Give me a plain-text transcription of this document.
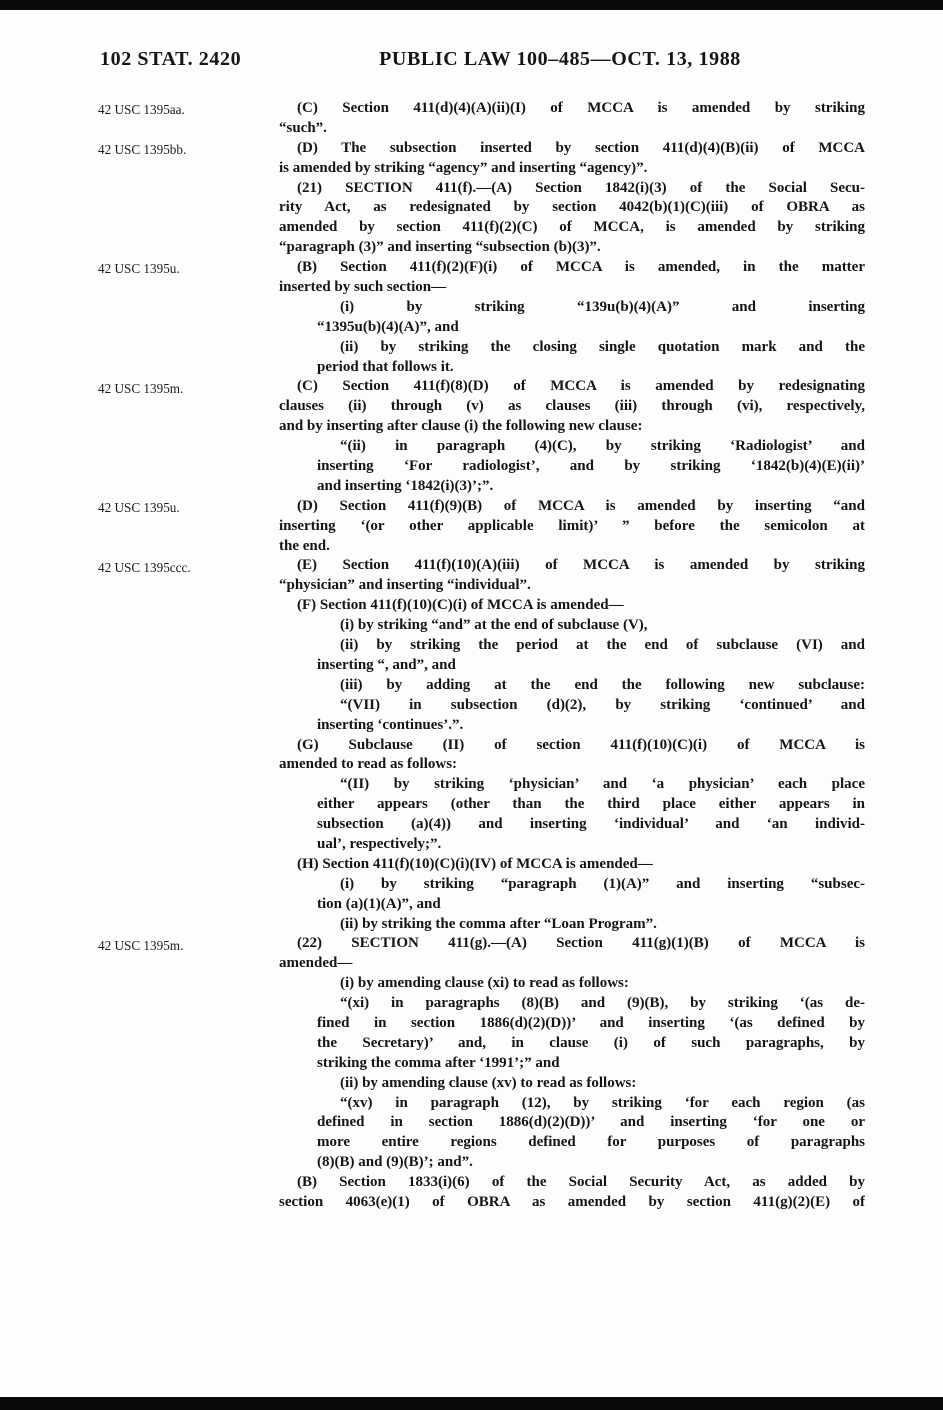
102 STAT. 2420	PUBLIC LAW 100–485—OCT. 13, 1988
(C) Section 411(d)(4)(A)(ii)(I) of MCCA is amended by striking
“such”.
(D) The subsection inserted by section 411(d)(4)(B)(ii) of MCCA
is amended by striking “agency” and inserting “agency)”.
(21) SECTION 411(f).—(A) Section 1842(i)(3) of the Social Secu-
rity Act, as redesignated by section 4042(b)(1)(C)(iii) of OBRA as
amended by section 411(f)(2)(C) of MCCA, is amended by striking
“paragraph (3)” and inserting “subsection (b)(3)”.
(B) Section 411(f)(2)(F)(i) of MCCA is amended, in the matter
inserted by such section—
(i) by striking “139u(b)(4)(A)” and inserting
“1395u(b)(4)(A)”, and
(ii) by striking the closing single quotation mark and the
period that follows it.
(C) Section 411(f)(8)(D) of MCCA is amended by redesignating
clauses (ii) through (v) as clauses (iii) through (vi), respectively,
and by inserting after clause (i) the following new clause:
“(ii) in paragraph (4)(C), by striking ‘Radiologist’ and
inserting ‘For radiologist’, and by striking ‘1842(b)(4)(E)(ii)’
and inserting ‘1842(i)(3)’;”.
(D) Section 411(f)(9)(B) of MCCA is amended by inserting “and
inserting ‘(or other applicable limit)’ ” before the semicolon at
the end.
(E) Section 411(f)(10)(A)(iii) of MCCA is amended by striking
“physician” and inserting “individual”.
(F) Section 411(f)(10)(C)(i) of MCCA is amended—
(i) by striking “and” at the end of subclause (V),
(ii) by striking the period at the end of subclause (VI) and
inserting “, and”, and
(iii) by adding at the end the following new subclause:
“(VII) in subsection (d)(2), by striking ‘continued’ and
inserting ‘continues’.”.
(G) Subclause (II) of section 411(f)(10)(C)(i) of MCCA is
amended to read as follows:
“(II) by striking ‘physician’ and ‘a physician’ each place
either appears (other than the third place either appears in
subsection (a)(4)) and inserting ‘individual’ and ‘an individ-
ual’, respectively;”.
(H) Section 411(f)(10)(C)(i)(IV) of MCCA is amended—
(i) by striking “paragraph (1)(A)” and inserting “subsec-
tion (a)(1)(A)”, and
(ii) by striking the comma after “Loan Program”.
(22) SECTION 411(g).—(A) Section 411(g)(1)(B) of MCCA is
amended—
(i) by amending clause (xi) to read as follows:
“(xi) in paragraphs (8)(B) and (9)(B), by striking ‘(as de-
fined in section 1886(d)(2)(D))’ and inserting ‘(as defined by
the Secretary)’ and, in clause (i) of such paragraphs, by
striking the comma after ‘1991’;” and
(ii) by amending clause (xv) to read as follows:
“(xv) in paragraph (12), by striking ‘for each region (as
defined in section 1886(d)(2)(D))’ and inserting ‘for one or
more entire regions defined for purposes of paragraphs
(8)(B) and (9)(B)’; and”.
(B) Section 1833(i)(6) of the Social Security Act, as added by
section 4063(e)(1) of OBRA as amended by section 411(g)(2)(E) of
42 USC 1395aa.
42 USC 1395bb.
42 USC 1395u.
42 USC 1395m.
42 USC 1395u.
42 USC 1395ccc.
42 USC 1395m.
